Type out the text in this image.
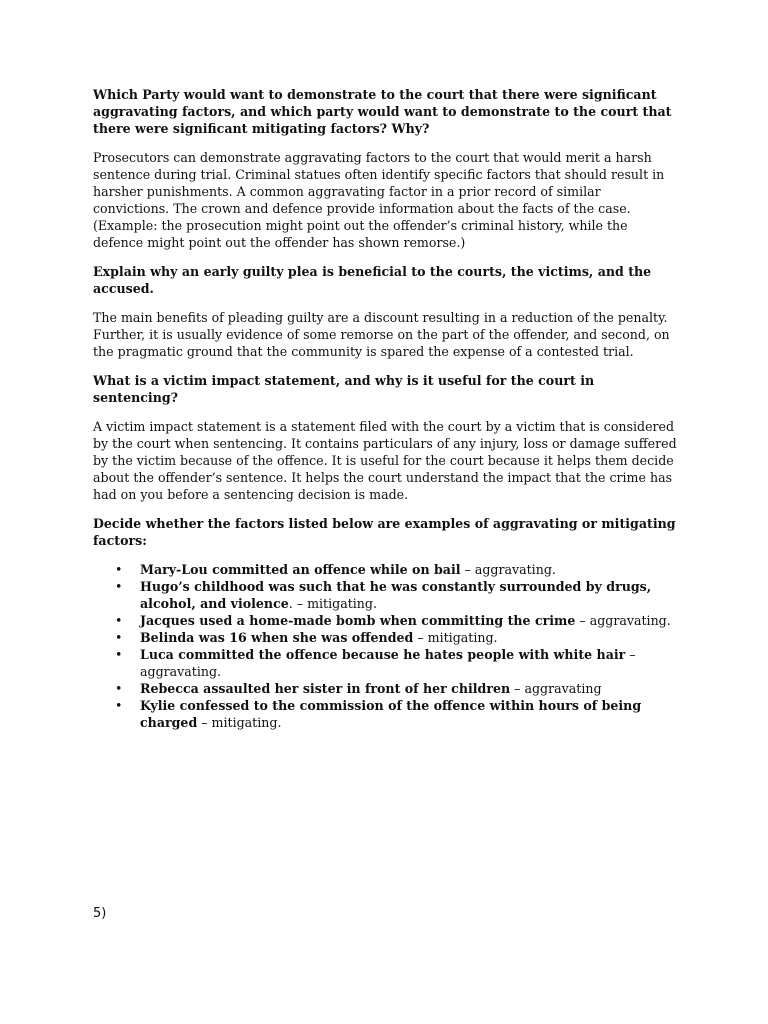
Which Party would want to demonstrate to the court that there were significant aggravating factors, and which party would want to demonstrate to the court that there were significant mitigating factors? Why?

Prosecutors can demonstrate aggravating factors to the court that would merit a harsh sentence during trial. Criminal statues often identify specific factors that should result in harsher punishments. A common aggravating factor in a prior record of similar convictions. The crown and defence provide information about the facts of the case. (Example: the prosecution might point out the offender’s criminal history, while the defence might point out the offender has shown remorse.)

Explain why an early guilty plea is beneficial to the courts, the victims, and the accused.

The main benefits of pleading guilty are a discount resulting in a reduction of the penalty. Further, it is usually evidence of some remorse on the part of the offender, and second, on the pragmatic ground that the community is spared the expense of a contested trial.

What is a victim impact statement, and why is it useful for the court in sentencing?

A victim impact statement is a statement filed with the court by a victim that is considered by the court when sentencing. It contains particulars of any injury, loss or damage suffered by the victim because of the offence. It is useful for the court because it helps them decide about the offender’s sentence. It helps the court understand the impact that the crime has had on you before a sentencing decision is made.

Decide whether the factors listed below are examples of aggravating or mitigating factors:

• Mary-Lou committed an offence while on bail – aggravating.
• Hugo’s childhood was such that he was constantly surrounded by drugs, alcohol, and violence. – mitigating.
• Jacques used a home-made bomb when committing the crime – aggravating.
• Belinda was 16 when she was offended – mitigating.
• Luca committed the offence because he hates people with white hair – aggravating.
• Rebecca assaulted her sister in front of her children – aggravating
• Kylie confessed to the commission of the offence within hours of being charged – mitigating.
5)
